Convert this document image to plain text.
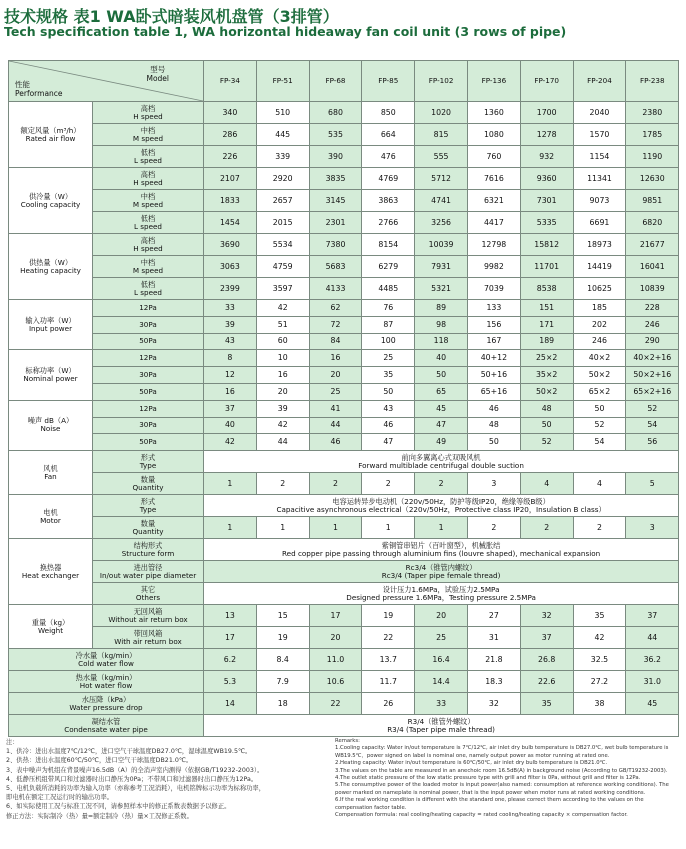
技术规格 表1 WA卧式暗装风机盘管（3排管）
Tech specification table 1, WA horizontal hideaway fan coil unit (3 rows of pipe)
型号
Model
性能
Performance		FP-34	FP-51	FP-68	FP-85	FP-102	FP-136	FP-170	FP-204	FP-238

额定风量（m³/h）
Rated air flow	高档
H speed	340	510	680	850	1020	1360	1700	2040	2380

	中档
M speed	286	445	535	664	815	1080	1278	1570	1785

	低档
L speed	226	339	390	476	555	760	932	1154	1190

供冷量（W）
Cooling capacity	高档
H speed	2107	2920	3835	4769	5712	7616	9360	11341	12630

	中档
M speed	1833	2657	3145	3863	4741	6321	7301	9073	9851

	低档
L speed	1454	2015	2301	2766	3256	4417	5335	6691	6820

供热量（W）
Heating capacity	高档
H speed	3690	5534	7380	8154	10039	12798	15812	18973	21677

	中档
M speed	3063	4759	5683	6279	7931	9982	11701	14419	16041

	低档
L speed	2399	3597	4133	4485	5321	7039	8538	10625	10839

输入功率（W）
Input power	12Pa	33	42	62	76	89	133	151	185	228
	30Pa	39	51	72	87	98	156	171	202	246
	50Pa	43	60	84	100	118	167	189	246	290

标称功率（W）
Nominal power	12Pa	8	10	16	25	40	40+12	25×2	40×2	40×2+16
	30Pa	12	16	20	35	50	50+16	35×2	50×2	50×2+16
	50Pa	16	20	25	50	65	65+16	50×2	65×2	65×2+16

噪声 dB（A）
Noise	12Pa	37	39	41	43	45	46	48	50	52
	30Pa	40	42	44	46	47	48	50	52	54
	50Pa	42	44	46	47	49	50	52	54	56

风机
Fan	形式
Type	前向多翼离心式双吸风机
Forward multiblade centrifugal double suction								

	数量
Quantity	1	2	2	2	2	3	4	4	5

电机
Motor	形式
Type	电容运转异步电动机（220v/50Hz，防护等级IP20，绝缘等级B级）
Capacitive asynchronous electrical（220v/50Hz，Protective class IP20，Insulation B class）								

	数量
Quantity	1	1	1	1	1	2	2	2	3

换热器
Heat exchanger	结构形式
Structure form	紫铜管串铝片（百叶窗型），机械胀结
Red copper pipe passing through aluminium fins (louvre shaped), mechanical expansion								

	进出管径
In/out water pipe diameter	Rc3/4（锥管内螺纹）
Rc3/4 (Taper pipe female thread)								

	其它
Others	设计压力1.6MPa，试验压力2.5MPa
Designed pressure 1.6MPa，Testing pressure 2.5MPa								

重量（kg）
Weight	无回风箱
Without air return box	13	15	17	19	20	27	32	35	37

	带回风箱
With air return box	17	19	20	22	25	31	37	42	44

冷水量（kg/min）
Cold water flow		6.2	8.4	11.0	13.7	16.4	21.8	26.8	32.5	36.2

热水量（kg/min）
Hot water flow		5.3	7.9	10.6	11.7	14.4	18.3	22.6	27.2	31.0

水压降（kPa）
Water pressure drop		14	18	22	26	33	32	35	38	45

凝结水管
Condensate water pipe		R3/4（锥管外螺纹）
R3/4 (Taper pipe male thread)								
注：
1、供冷：进出水温度7℃/12℃，进口空气干球温度DB27.0℃，湿球温度WB19.5℃。
2、供热：进出水温度60℃/50℃，进口空气干球温度DB21.0℃。
3、表中噪声为机组在背景噪声16.5dB（A）的全消声室内测得（依据GB/T19232-2003）。
4、低静压机组带风口和过滤器时出口静压为0Pa；不带风口和过滤器时出口静压为12Pa。
5、电机负载所消耗的功率为输入功率（亦称参考工况消耗），电机铭牌标示功率为标称功率，
即电机在额定工况运行时的输出功率。
6、如实际使用工况与标准工况不同，请参照样本中的修正系数表数据予以修正。
修正方法：实际制冷（热）量=额定制冷（热）量×工况修正系数。
Remarks:
1.Cooling capacity: Water in/out temperature is 7℃/12℃, air inlet dry bulb temperature is DB27.0℃, wet bulb temperature is WB19.5℃，power signed on label is nominal one, namely output power as motor running at rated one.
2.Heating capacity: Water in/out temperature is 60℃/50℃, air inlet dry bulb temperature is DB21.0℃.
3.The values on the table are measured in an anechoic room 16.5dB(A) in background noise (According to GB/T19232-2003).
4.The outlet static pressure of the low static pressure type with grill and filter is 0Pa, without grill and filter is 12Pa.
5.The consumptive power of the loaded motor is input power(also named: consumption at reference working conditions). The power marked on nameplate is nominal power, that is the input power when motor runs at rated working conditions.
6.If the real working condition is different with the standard one, please correct them according to the values on the compensation factor table.
Compensation formula: real cooling/heating capacity = rated cooling/heating capacity × compensation factor.
